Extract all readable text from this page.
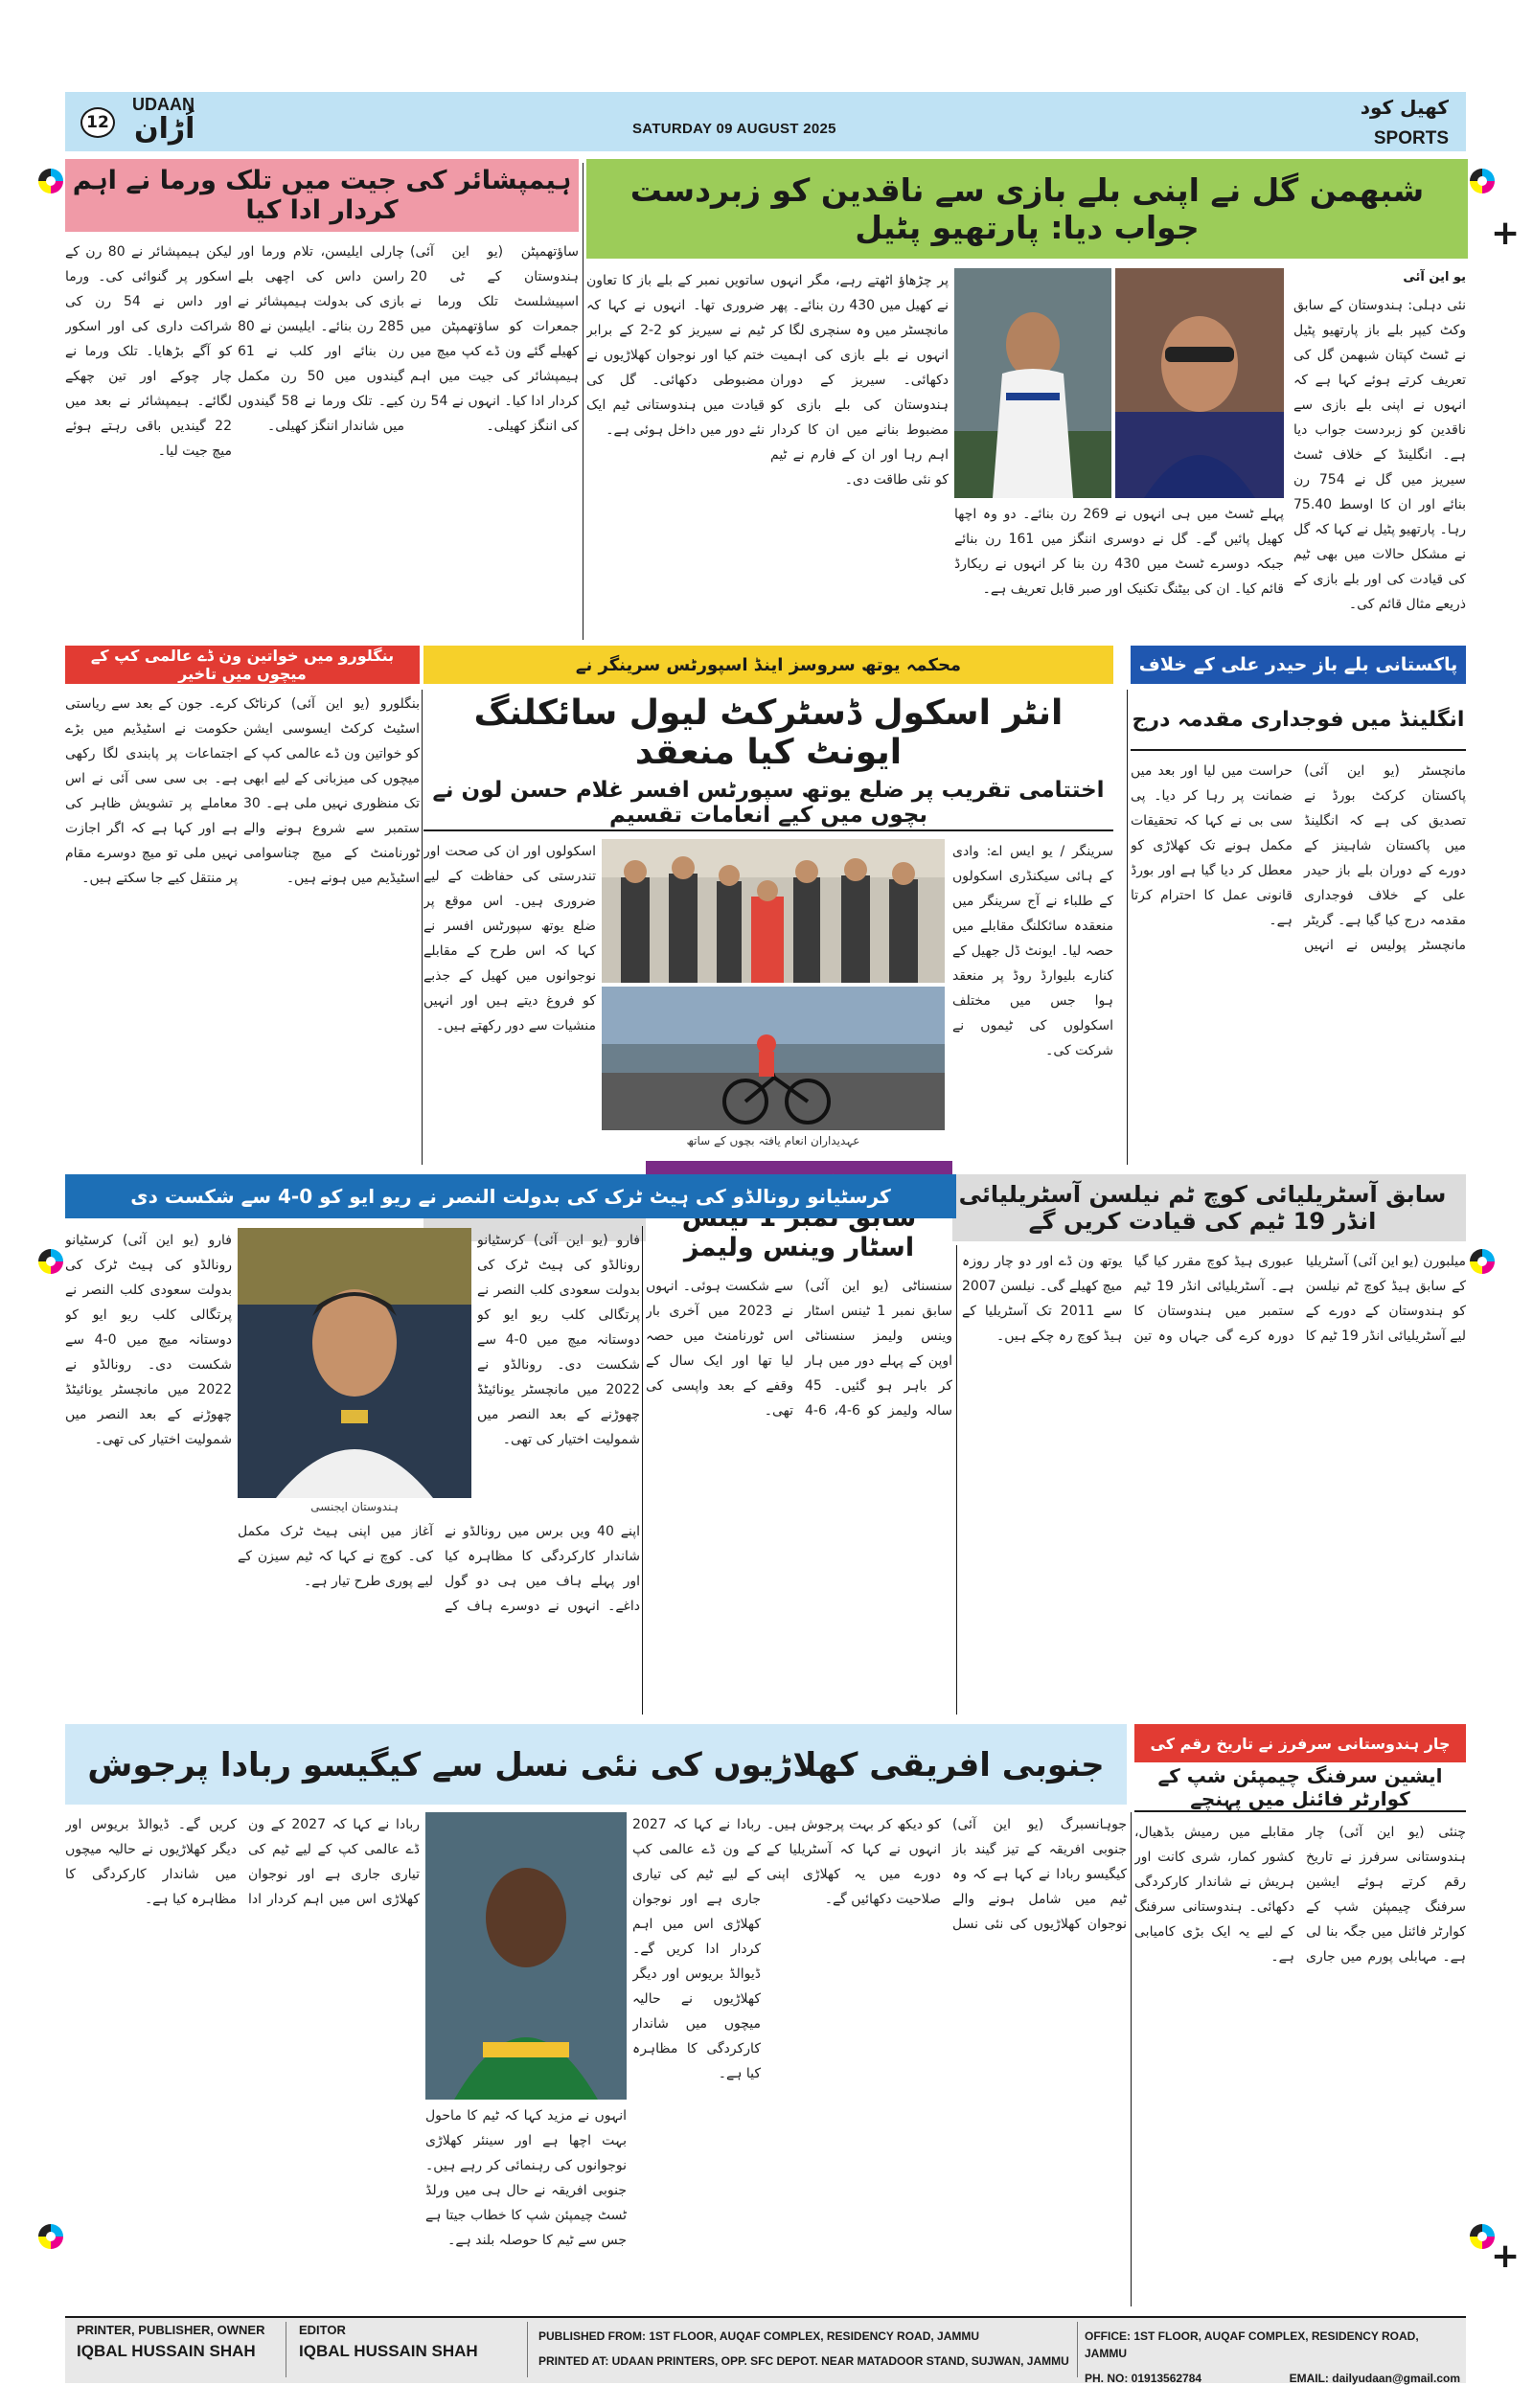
+
+
12
UDAAN
اُڑان	SATURDAY 09 AUGUST 2025
کھیل کود
SPORTS
شبھمن گل نے اپنی بلے بازی سے ناقدین کو زبردست جواب دیا: پارتھیو پٹیل
یو این آئی
نئی دہلی: ہندوستان کے سابق وکٹ کیپر بلے باز پارتھیو پٹیل نے ٹسٹ کپتان شبھمن گل کی تعریف کرتے ہوئے کہا ہے کہ انہوں نے اپنی بلے بازی سے ناقدین کو زبردست جواب دیا ہے۔ انگلینڈ کے خلاف ٹسٹ سیریز میں گل نے 754 رن بنائے اور ان کا اوسط 75.40 رہا۔ پارتھیو پٹیل نے کہا کہ گل نے مشکل حالات میں بھی ٹیم کی قیادت کی اور بلے بازی کے ذریعے مثال قائم کی۔
پہلے ٹسٹ میں ہی انہوں نے 269 رن بنائے۔ دو وہ اچھا کھیل پائیں گے۔ گل نے دوسری اننگز میں 161 رن بنائے جبکہ دوسرے ٹسٹ میں 430 رن بنا کر انہوں نے ریکارڈ قائم کیا۔ ان کی بیٹنگ تکنیک اور صبر قابل تعریف ہے۔
پر چڑھاؤ اٹھتے رہے، مگر انہوں نے کھیل میں 430 رن بنائے۔ پھر مانچسٹر میں وہ سنچری لگا کر انہوں نے بلے بازی کی اہمیت دکھائی۔ سیریز کے دوران ہندوستان کی بلے بازی کو مضبوط بنانے میں ان کا کردار اہم رہا اور ان کے فارم نے ٹیم کو نئی طاقت دی۔
ساتویں نمبر کے بلے باز کا تعاون ضروری تھا۔ انہوں نے کہا کہ ٹیم نے سیریز کو 2-2 کے برابر ختم کیا اور نوجوان کھلاڑیوں نے مضبوطی دکھائی۔ گل کی قیادت میں ہندوستانی ٹیم ایک نئے دور میں داخل ہوئی ہے۔
ہیمپشائر کی جیت میں تلک ورما نے اہم کردار ادا کیا
ساؤتھمپٹن (یو این آئی) ہندوستان کے ٹی 20 اسپیشلسٹ تلک ورما نے جمعرات کو ساؤتھمپٹن میں کھیلے گئے ون ڈے کپ میچ میں ہیمپشائر کی جیت میں اہم کردار ادا کیا۔ انہوں نے 54 رن کی اننگز کھیلی۔
چارلی ایلیسن، تلام ورما اور راسن داس کی اچھی بلے بازی کی بدولت ہیمپشائر نے 285 رن بنائے۔ ایلیسن نے 80 رن بنائے اور کلب نے 61 گیندوں میں 50 رن مکمل کیے۔ تلک ورما نے 58 گیندوں میں شاندار اننگز کھیلی۔
لیکن ہیمپشائر نے 80 رن کے اسکور پر گنوائی کی۔ ورما اور داس نے 54 رن کی شراکت داری کی اور اسکور کو آگے بڑھایا۔ تلک ورما نے چار چوکے اور تین چھکے لگائے۔ ہیمپشائر نے بعد میں 22 گیندیں باقی رہتے ہوئے میچ جیت لیا۔
محکمہ یوتھ سروسز اینڈ اسپورٹس سرینگر نے	پاکستانی بلے باز حیدر علی کے خلاف
بنگلورو میں خواتین ون ڈے عالمی کپ کے میچوں میں تاخیر
انٹر اسکول ڈسٹرکٹ لیول سائکلنگ ایونٹ کیا منعقد
اختتامی تقریب پر ضلع یوتھ سپورٹس افسر غلام حسن لون نے بچوں میں کیے انعامات تقسیم
سرینگر / یو ایس اے: وادی کے ہائی سیکنڈری اسکولوں کے طلباء نے آج سرینگر میں منعقدہ سائکلنگ مقابلے میں حصہ لیا۔ ایونٹ ڈل جھیل کے کنارے بلیوارڈ روڈ پر منعقد ہوا جس میں مختلف اسکولوں کی ٹیموں نے شرکت کی۔
عہدیداران انعام یافتہ بچوں کے ساتھ
اسکولوں اور ان کی صحت اور تندرستی کی حفاظت کے لیے ضروری ہیں۔ اس موقع پر ضلع یوتھ سپورٹس افسر نے کہا کہ اس طرح کے مقابلے نوجوانوں میں کھیل کے جذبے کو فروغ دیتے ہیں اور انہیں منشیات سے دور رکھتے ہیں۔
انگلینڈ میں فوجداری مقدمہ درج
مانچسٹر (یو این آئی) پاکستان کرکٹ بورڈ نے تصدیق کی ہے کہ انگلینڈ میں پاکستان شاہینز کے دورے کے دوران بلے باز حیدر علی کے خلاف فوجداری مقدمہ درج کیا گیا ہے۔ گریٹر مانچسٹر پولیس نے انہیں حراست میں لیا اور بعد میں ضمانت پر رہا کر دیا۔ پی سی بی نے کہا کہ تحقیقات مکمل ہونے تک کھلاڑی کو معطل کر دیا گیا ہے اور بورڈ قانونی عمل کا احترام کرتا ہے۔
بنگلورو (یو این آئی) کرناٹک اسٹیٹ کرکٹ ایسوسی ایشن کو خواتین ون ڈے عالمی کپ کے میچوں کی میزبانی کے لیے ابھی تک منظوری نہیں ملی ہے۔ 30 ستمبر سے شروع ہونے والے ٹورنامنٹ کے میچ چناسوامی اسٹیڈیم میں ہونے ہیں۔
کرے۔ جون کے بعد سے ریاستی حکومت نے اسٹیڈیم میں بڑے اجتماعات پر پابندی لگا رکھی ہے۔ بی سی سی آئی نے اس معاملے پر تشویش ظاہر کی ہے اور کہا ہے کہ اگر اجازت نہیں ملی تو میچ دوسرے مقام پر منتقل کیے جا سکتے ہیں۔
سابق آسٹریلیائی کوچ ٹم نیلسن آسٹریلیائی انڈر 19 ٹیم کی قیادت کریں گے
اسٹار وینس ولیمز
کرسٹیانو رونالڈو کی ہیٹ ٹرک کی بدولت النصر نے ریو ایو کو 0-4 سے شکست دی
میلبورن (یو این آئی) آسٹریلیا کے سابق ہیڈ کوچ ٹم نیلسن کو ہندوستان کے دورے کے لیے آسٹریلیائی انڈر 19 ٹیم کا عبوری ہیڈ کوچ مقرر کیا گیا ہے۔ آسٹریلیائی انڈر 19 ٹیم ستمبر میں ہندوستان کا دورہ کرے گی جہاں وہ تین یوتھ ون ڈے اور دو چار روزہ میچ کھیلے گی۔ نیلسن 2007 سے 2011 تک آسٹریلیا کے ہیڈ کوچ رہ چکے ہیں۔
سنسناٹی (یو این آئی) سابق نمبر 1 ٹینس اسٹار وینس ولیمز سنسناٹی اوپن کے پہلے دور میں ہار کر باہر ہو گئیں۔ 45 سالہ ولیمز کو 6-4، 6-4 سے شکست ہوئی۔ انہوں نے 2023 میں آخری بار اس ٹورنامنٹ میں حصہ لیا تھا اور ایک سال کے وقفے کے بعد واپسی کی تھی۔
ہندوستان ایجنسی
فارو (یو این آئی) کرسٹیانو رونالڈو کی ہیٹ ٹرک کی بدولت سعودی کلب النصر نے پرتگالی کلب ریو ایو کو دوستانہ میچ میں 0-4 سے شکست دی۔ رونالڈو نے 2022 میں مانچسٹر یونائیٹڈ چھوڑنے کے بعد النصر میں شمولیت اختیار کی تھی۔
اپنے 40 ویں برس میں رونالڈو نے شاندار کارکردگی کا مظاہرہ کیا اور پہلے ہاف میں ہی دو گول داغے۔ انہوں نے دوسرے ہاف کے آغاز میں اپنی ہیٹ ٹرک مکمل کی۔ کوچ نے کہا کہ ٹیم سیزن کے لیے پوری طرح تیار ہے۔
فارو (یو این آئی) کرسٹیانو رونالڈو کی ہیٹ ٹرک کی بدولت سعودی کلب النصر نے پرتگالی کلب ریو ایو کو دوستانہ میچ میں 0-4 سے شکست دی۔ رونالڈو نے 2022 میں مانچسٹر یونائیٹڈ چھوڑنے کے بعد النصر میں شمولیت اختیار کی تھی۔
جنوبی افریقی کھلاڑیوں کی نئی نسل سے کیگیسو ربادا پرجوش
جوہانسبرگ (یو این آئی) جنوبی افریقہ کے تیز گیند باز کیگیسو ربادا نے کہا ہے کہ وہ ٹیم میں شامل ہونے والے نوجوان کھلاڑیوں کی نئی نسل کو دیکھ کر بہت پرجوش ہیں۔ انہوں نے کہا کہ آسٹریلیا کے دورے میں یہ کھلاڑی اپنی صلاحیت دکھائیں گے۔
ربادا نے کہا کہ 2027 کے ون ڈے عالمی کپ کے لیے ٹیم کی تیاری جاری ہے اور نوجوان کھلاڑی اس میں اہم کردار ادا کریں گے۔ ڈیوالڈ بریوس اور دیگر کھلاڑیوں نے حالیہ میچوں میں شاندار کارکردگی کا مظاہرہ کیا ہے۔
انہوں نے مزید کہا کہ ٹیم کا ماحول بہت اچھا ہے اور سینئر کھلاڑی نوجوانوں کی رہنمائی کر رہے ہیں۔ جنوبی افریقہ نے حال ہی میں ورلڈ ٹسٹ چیمپئن شپ کا خطاب جیتا ہے جس سے ٹیم کا حوصلہ بلند ہے۔
ربادا نے کہا کہ 2027 کے ون ڈے عالمی کپ کے لیے ٹیم کی تیاری جاری ہے اور نوجوان کھلاڑی اس میں اہم کردار ادا کریں گے۔ ڈیوالڈ بریوس اور دیگر کھلاڑیوں نے حالیہ میچوں میں شاندار کارکردگی کا مظاہرہ کیا ہے۔
چار ہندوستانی سرفرز نے تاریخ رقم کی
ایشین سرفنگ چیمپئن شپ کے کوارٹر فائنل میں پہنچے
چنئی (یو این آئی) چار ہندوستانی سرفرز نے تاریخ رقم کرتے ہوئے ایشین سرفنگ چیمپئن شپ کے کوارٹر فائنل میں جگہ بنا لی ہے۔ مہابلی پورم میں جاری مقابلے میں رمیش بڈھیال، کشور کمار، شری کانت اور ہریش نے شاندار کارکردگی دکھائی۔ ہندوستانی سرفنگ کے لیے یہ ایک بڑی کامیابی ہے۔
PRINTER, PUBLISHER, OWNER
IQBAL HUSSAIN SHAH
EDITOR
IQBAL HUSSAIN SHAH
PUBLISHED FROM: 1ST FLOOR, AUQAF COMPLEX, RESIDENCY ROAD, JAMMU
PRINTED AT: UDAAN PRINTERS, OPP. SFC DEPOT. NEAR MATADOOR STAND, SUJWAN, JAMMU
OFFICE: 1ST FLOOR, AUQAF COMPLEX, RESIDENCY ROAD, JAMMU
PH. NO: 01913562784	EMAIL: dailyudaan@gmail.com
